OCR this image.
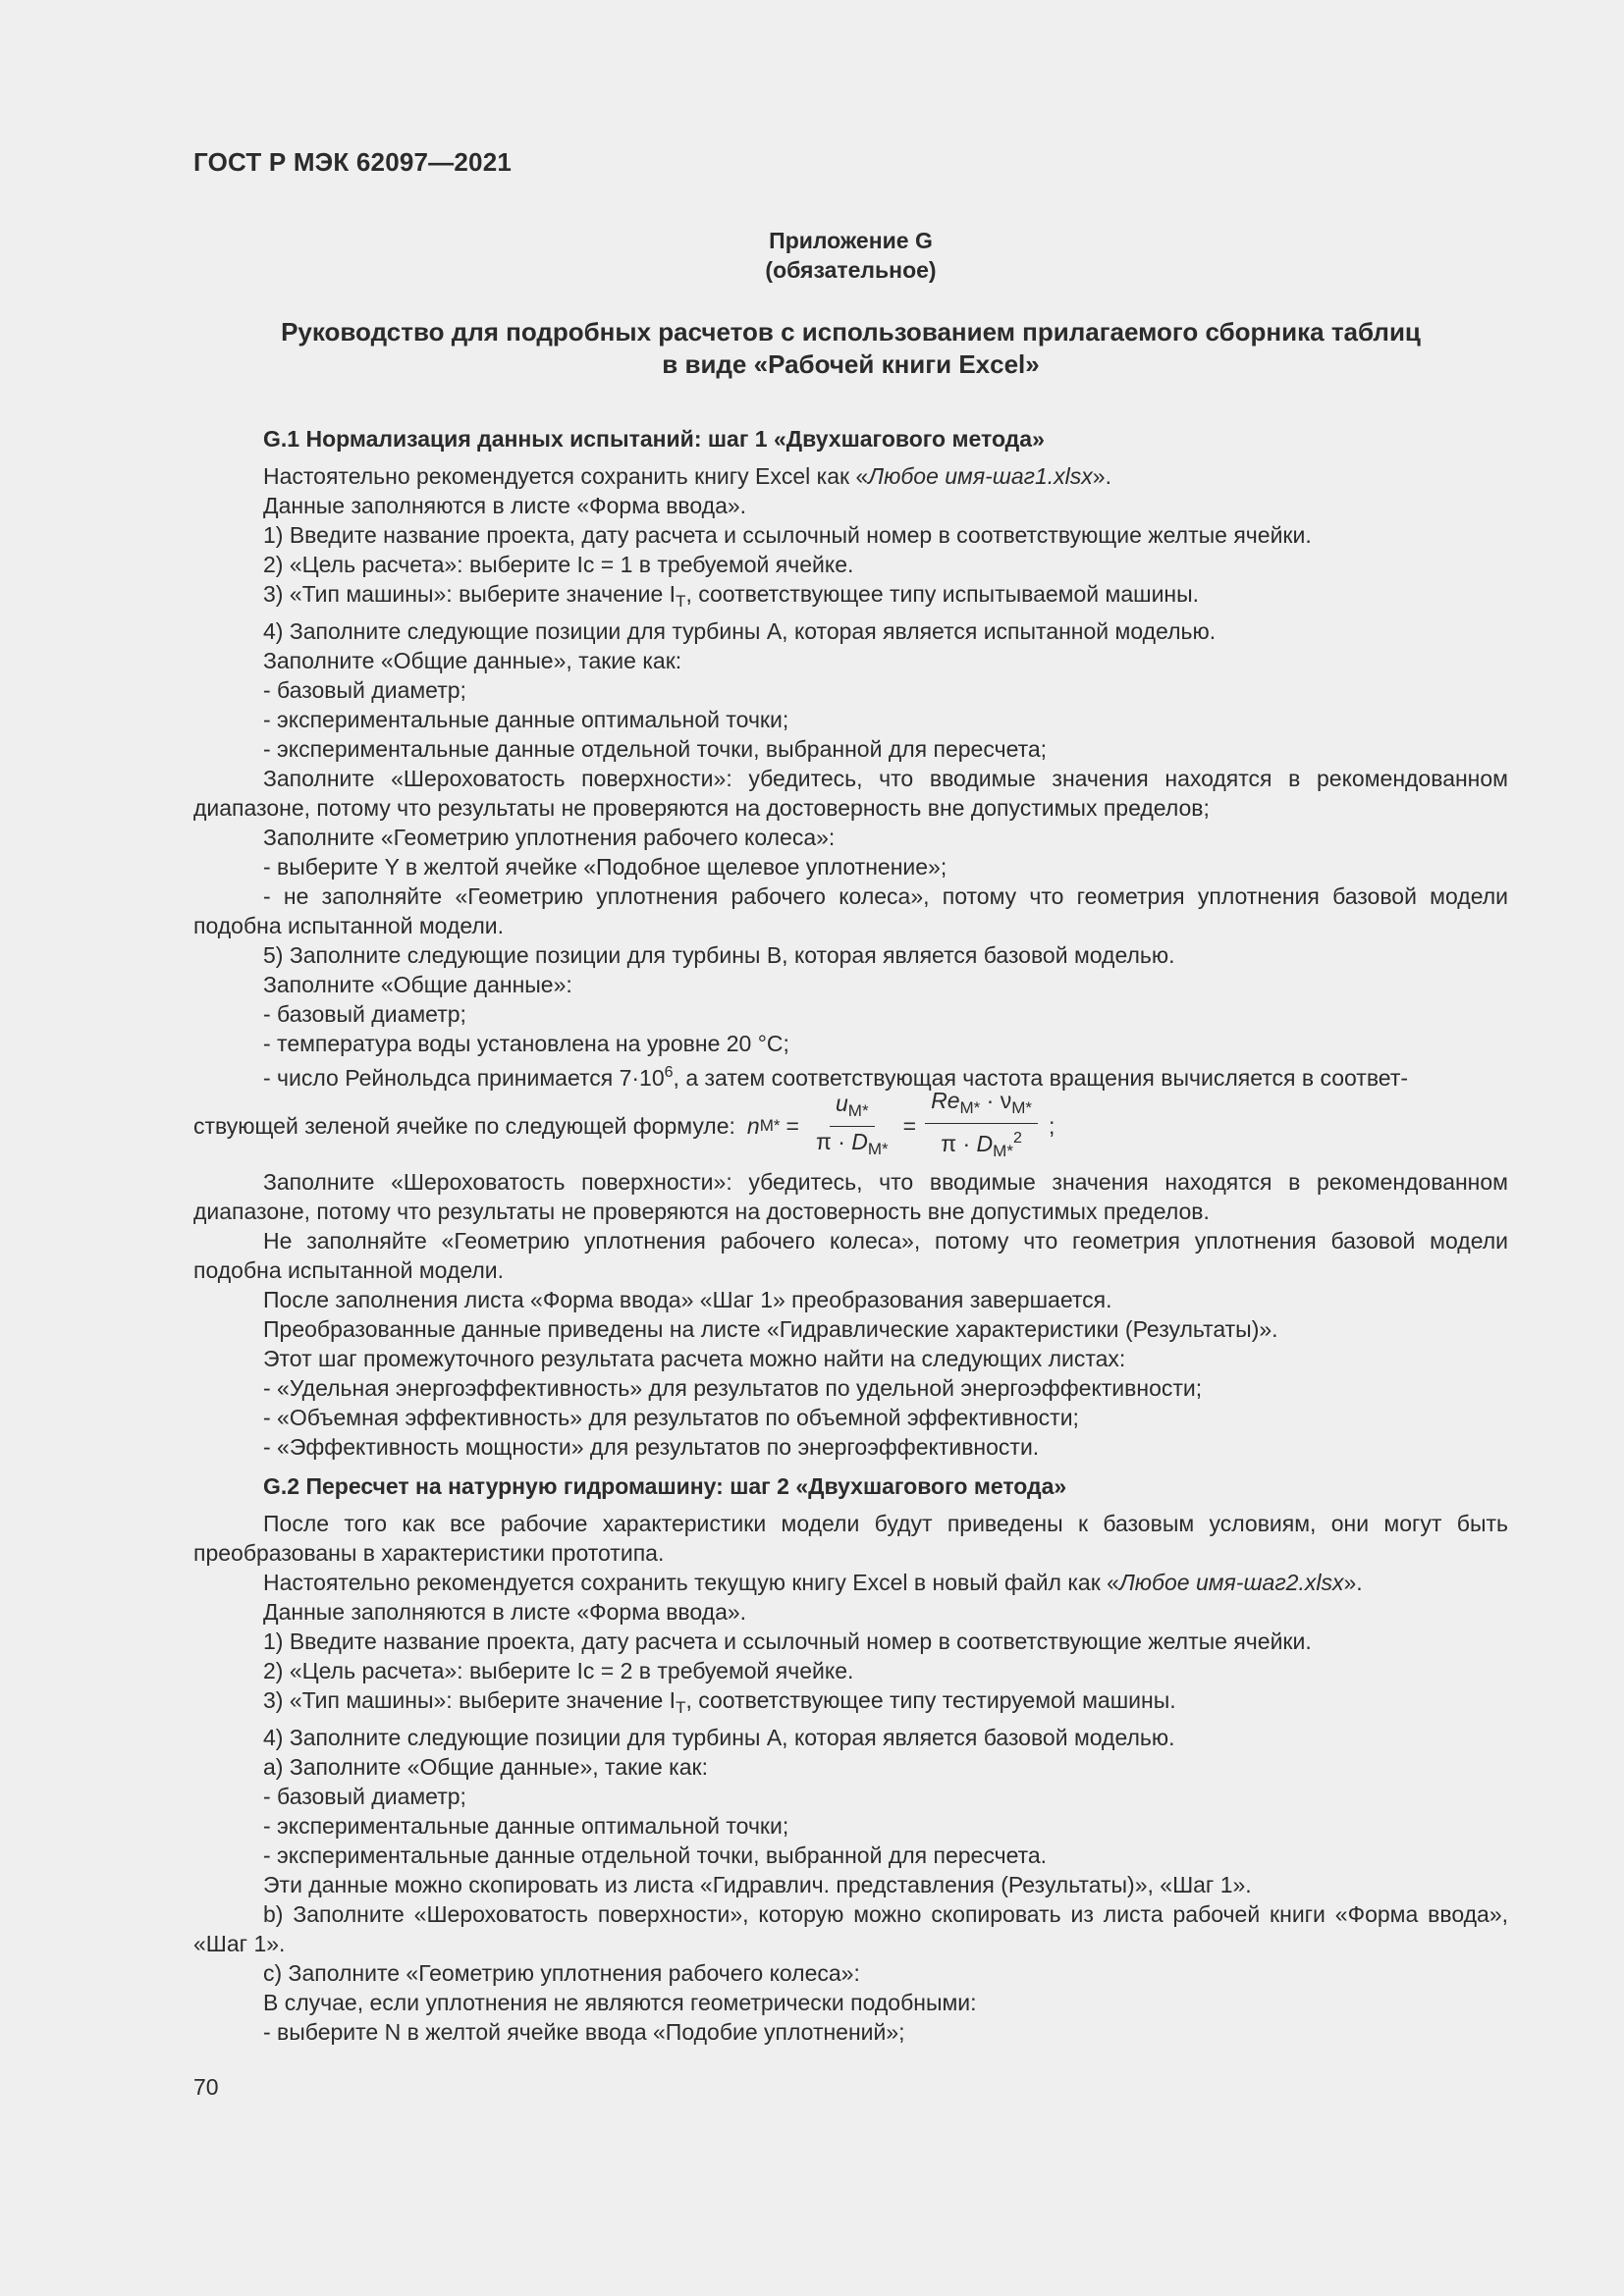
ГОСТ Р МЭК 62097—2021
Приложение G
(обязательное)
Руководство для подробных расчетов с использованием прилагаемого сборника таблиц
в виде «Рабочей книги Excel»
G.1 Нормализация данных испытаний: шаг 1 «Двухшагового метода»

Настоятельно рекомендуется сохранить книгу Excel как «Любое имя-шаг1.xlsx».

Данные заполняются в листе «Форма ввода».

1) Введите название проекта, дату расчета и ссылочный номер в соответствующие желтые ячейки.

2) «Цель расчета»: выберите Ic = 1 в требуемой ячейке.

3) «Тип машины»: выберите значение $I_T$, соответствующее типу испытываемой машины.

4) Заполните следующие позиции для турбины А, которая является испытанной моделью.

Заполните «Общие данные», такие как:

- базовый диаметр;

- экспериментальные данные оптимальной точки;

- экспериментальные данные отдельной точки, выбранной для пересчета;

Заполните «Шероховатость поверхности»: убедитесь, что вводимые значения находятся в рекомендованном диапазоне, потому что результаты не проверяются на достоверность вне допустимых пределов;

Заполните «Геометрию уплотнения рабочего колеса»:

- выберите Y в желтой ячейке «Подобное щелевое уплотнение»;

- не заполняйте «Геометрию уплотнения рабочего колеса», потому что геометрия уплотнения базовой модели подобна испытанной модели.

5) Заполните следующие позиции для турбины В, которая является базовой моделью.

Заполните «Общие данные»:

- базовый диаметр;

- температура воды установлена на уровне 20 °С;

- число Рейнольдса принимается $7\cdot 10^6$, а затем соответствующая частота вращения вычисляется в соответ-

ствующей зеленой ячейке по следующей формуле: n $M* = \frac{u_{M*}}{\pi \cdot D_{M*}} = \frac{Re_{M*} \cdot \nu_{M*}}{\pi \cdot D_{M*}^2}$ ;

Заполните «Шероховатость поверхности»: убедитесь, что вводимые значения находятся в рекомендованном диапазоне, потому что результаты не проверяются на достоверность вне допустимых пределов.

Не заполняйте «Геометрию уплотнения рабочего колеса», потому что геометрия уплотнения базовой модели подобна испытанной модели.

После заполнения листа «Форма ввода» «Шаг 1» преобразования завершается.

Преобразованные данные приведены на листе «Гидравлические характеристики (Результаты)».

Этот шаг промежуточного результата расчета можно найти на следующих листах:

- «Удельная энергоэффективность» для результатов по удельной энергоэффективности;

- «Объемная эффективность» для результатов по объемной эффективности;

- «Эффективность мощности» для результатов по энергоэффективности.

G.2 Пересчет на натурную гидромашину: шаг 2 «Двухшагового метода»

После того как все рабочие характеристики модели будут приведены к базовым условиям, они могут быть преобразованы в характеристики прототипа.

Настоятельно рекомендуется сохранить текущую книгу Excel в новый файл как «Любое имя-шаг2.xlsx».

Данные заполняются в листе «Форма ввода».

1) Введите название проекта, дату расчета и ссылочный номер в соответствующие желтые ячейки.

2) «Цель расчета»: выберите Ic = 2 в требуемой ячейке.

3) «Тип машины»: выберите значение $I_T$, соответствующее типу тестируемой машины.

4) Заполните следующие позиции для турбины А, которая является базовой моделью.

a) Заполните «Общие данные», такие как:

- базовый диаметр;

- экспериментальные данные оптимальной точки;

- экспериментальные данные отдельной точки, выбранной для пересчета.

Эти данные можно скопировать из листа «Гидравлич. представления (Результаты)», «Шаг 1».

b) Заполните «Шероховатость поверхности», которую можно скопировать из листа рабочей книги «Форма ввода», «Шаг 1».

c) Заполните «Геометрию уплотнения рабочего колеса»:

В случае, если уплотнения не являются геометрически подобными:

- выберите N в желтой ячейке ввода «Подобие уплотнений»;

70
